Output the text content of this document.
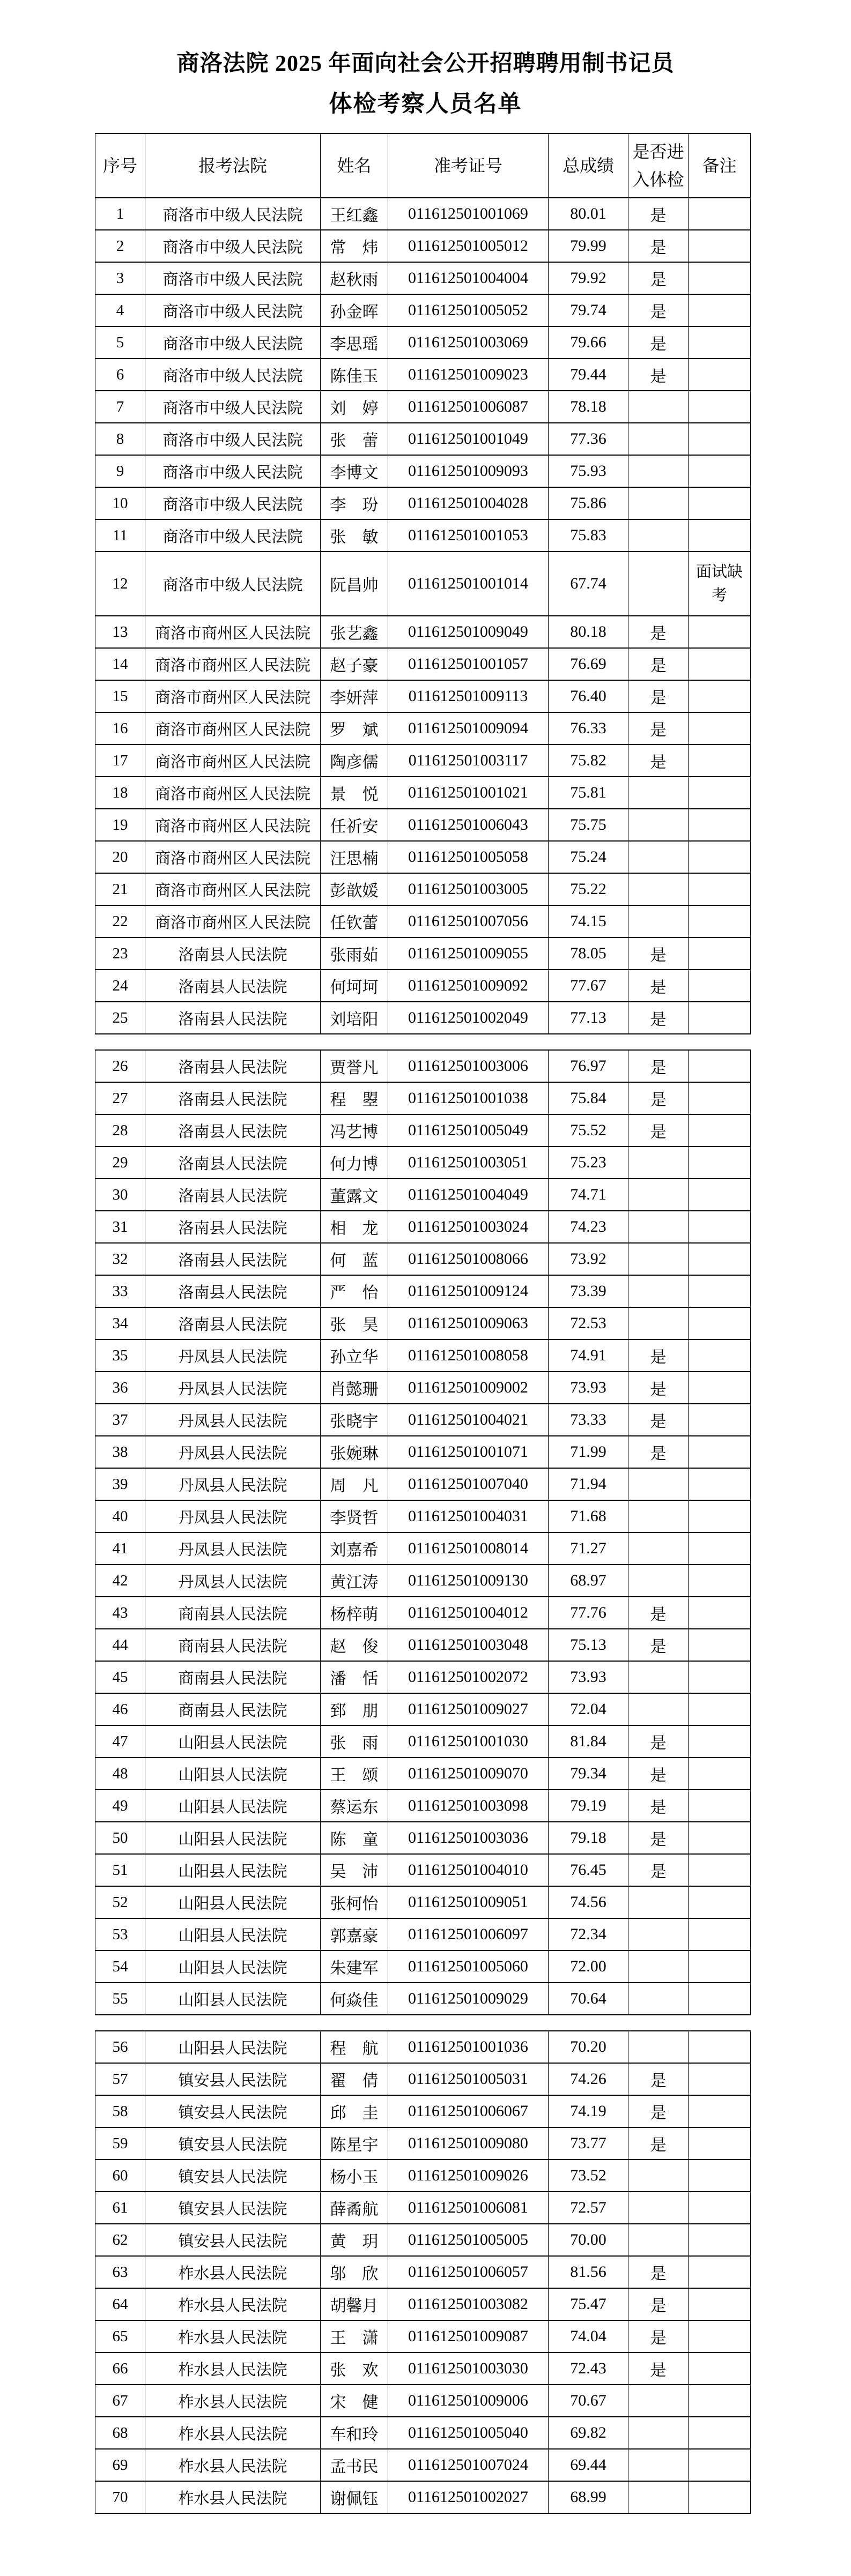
商洛法院 2025 年面向社会公开招聘聘用制书记员
体检考察人员名单
序号	报考法院	姓名	准考证号	总成绩	是否进入体检	备注
1	商洛市中级人民法院	王红鑫	011612501001069	80.01	是	
2	商洛市中级人民法院	常　炜	011612501005012	79.99	是	
3	商洛市中级人民法院	赵秋雨	011612501004004	79.92	是	
4	商洛市中级人民法院	孙金晖	011612501005052	79.74	是	
5	商洛市中级人民法院	李思瑶	011612501003069	79.66	是	
6	商洛市中级人民法院	陈佳玉	011612501009023	79.44	是	
7	商洛市中级人民法院	刘　婷	011612501006087	78.18		
8	商洛市中级人民法院	张　蕾	011612501001049	77.36		
9	商洛市中级人民法院	李博文	011612501009093	75.93		
10	商洛市中级人民法院	李　玢	011612501004028	75.86		
11	商洛市中级人民法院	张　敏	011612501001053	75.83		
12	商洛市中级人民法院	阮昌帅	011612501001014	67.74		面试缺考
13	商洛市商州区人民法院	张艺鑫	011612501009049	80.18	是	
14	商洛市商州区人民法院	赵子豪	011612501001057	76.69	是	
15	商洛市商州区人民法院	李妍萍	011612501009113	76.40	是	
16	商洛市商州区人民法院	罗　斌	011612501009094	76.33	是	
17	商洛市商州区人民法院	陶彦儒	011612501003117	75.82	是	
18	商洛市商州区人民法院	景　悦	011612501001021	75.81		
19	商洛市商州区人民法院	任祈安	011612501006043	75.75		
20	商洛市商州区人民法院	汪思楠	011612501005058	75.24		
21	商洛市商州区人民法院	彭歆媛	011612501003005	75.22		
22	商洛市商州区人民法院	任钦蕾	011612501007056	74.15		
23	洛南县人民法院	张雨茹	011612501009055	78.05	是	
24	洛南县人民法院	何坷坷	011612501009092	77.67	是	
25	洛南县人民法院	刘培阳	011612501002049	77.13	是	
26	洛南县人民法院	贾誉凡	011612501003006	76.97	是	
27	洛南县人民法院	程　曌	011612501001038	75.84	是	
28	洛南县人民法院	冯艺博	011612501005049	75.52	是	
29	洛南县人民法院	何力博	011612501003051	75.23		
30	洛南县人民法院	董露文	011612501004049	74.71		
31	洛南县人民法院	相　龙	011612501003024	74.23		
32	洛南县人民法院	何　蓝	011612501008066	73.92		
33	洛南县人民法院	严　怡	011612501009124	73.39		
34	洛南县人民法院	张　昊	011612501009063	72.53		
35	丹凤县人民法院	孙立华	011612501008058	74.91	是	
36	丹凤县人民法院	肖懿珊	011612501009002	73.93	是	
37	丹凤县人民法院	张晓宇	011612501004021	73.33	是	
38	丹凤县人民法院	张婉琳	011612501001071	71.99	是	
39	丹凤县人民法院	周　凡	011612501007040	71.94		
40	丹凤县人民法院	李贤哲	011612501004031	71.68		
41	丹凤县人民法院	刘嘉希	011612501008014	71.27		
42	丹凤县人民法院	黄江涛	011612501009130	68.97		
43	商南县人民法院	杨梓萌	011612501004012	77.76	是	
44	商南县人民法院	赵　俊	011612501003048	75.13	是	
45	商南县人民法院	潘　恬	011612501002072	73.93		
46	商南县人民法院	郅　朋	011612501009027	72.04		
47	山阳县人民法院	张　雨	011612501001030	81.84	是	
48	山阳县人民法院	王　颂	011612501009070	79.34	是	
49	山阳县人民法院	蔡运东	011612501003098	79.19	是	
50	山阳县人民法院	陈　童	011612501003036	79.18	是	
51	山阳县人民法院	吴　沛	011612501004010	76.45	是	
52	山阳县人民法院	张柯怡	011612501009051	74.56		
53	山阳县人民法院	郭嘉豪	011612501006097	72.34		
54	山阳县人民法院	朱建军	011612501005060	72.00		
55	山阳县人民法院	何焱佳	011612501009029	70.64		
56	山阳县人民法院	程　航	011612501001036	70.20		
57	镇安县人民法院	翟　倩	011612501005031	74.26	是	
58	镇安县人民法院	邱　圭	011612501006067	74.19	是	
59	镇安县人民法院	陈星宇	011612501009080	73.77	是	
60	镇安县人民法院	杨小玉	011612501009026	73.52		
61	镇安县人民法院	薛矞航	011612501006081	72.57		
62	镇安县人民法院	黄　玥	011612501005005	70.00		
63	柞水县人民法院	邬　欣	011612501006057	81.56	是	
64	柞水县人民法院	胡馨月	011612501003082	75.47	是	
65	柞水县人民法院	王　潇	011612501009087	74.04	是	
66	柞水县人民法院	张　欢	011612501003030	72.43	是	
67	柞水县人民法院	宋　健	011612501009006	70.67		
68	柞水县人民法院	车和玲	011612501005040	69.82		
69	柞水县人民法院	孟书民	011612501007024	69.44		
70	柞水县人民法院	谢佩钰	011612501002027	68.99		
